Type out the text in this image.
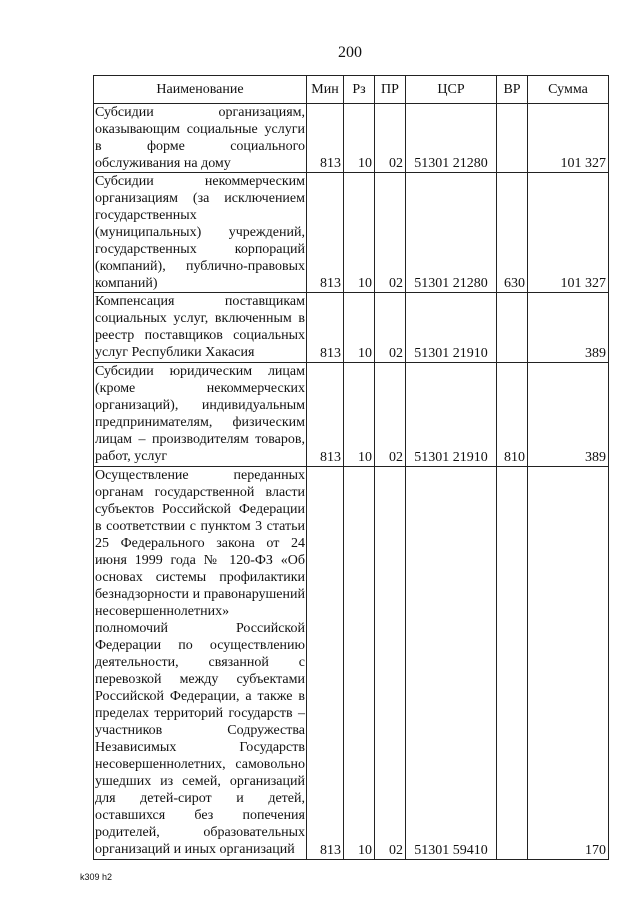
200
Наименование	Мин	Рз	ПР	ЦСР	ВР	Сумма
Субсидии организациям, оказывающим социальные услуги в форме социального обслуживания на дому	813	10	02	51301 21280		101 327
Субсидии некоммерческим организациям (за исключением государственных (муниципальных) учреждений, государственных корпораций (компаний), публично-правовых компаний)	813	10	02	51301 21280	630	101 327
Компенсация поставщикам социальных услуг, включенным в реестр поставщиков социальных услуг Республики Хакасия	813	10	02	51301 21910		389
Субсидии юридическим лицам (кроме некоммерческих организаций), индивидуальным предпринимателям, физическим лицам – производителям товаров, работ, услуг	813	10	02	51301 21910	810	389
Осуществление переданных органам государственной власти субъектов Российской Федерации в соответствии с пунктом 3 статьи 25 Федерального закона от 24 июня 1999 года № 120-ФЗ «Об основах системы профилактики безнадзорности и правонарушений несовершеннолетних» полномочий Российской Федерации по осуществлению деятельности, связанной с перевозкой между субъектами Российской Федерации, а также в пределах территорий государств – участников Содружества Независимых Государств несовершеннолетних, самовольно ушедших из семей, организаций для детей-сирот и детей, оставшихся без попечения родителей, образовательных организаций и иных организаций	813	10	02	51301 59410		170
k309 h2
